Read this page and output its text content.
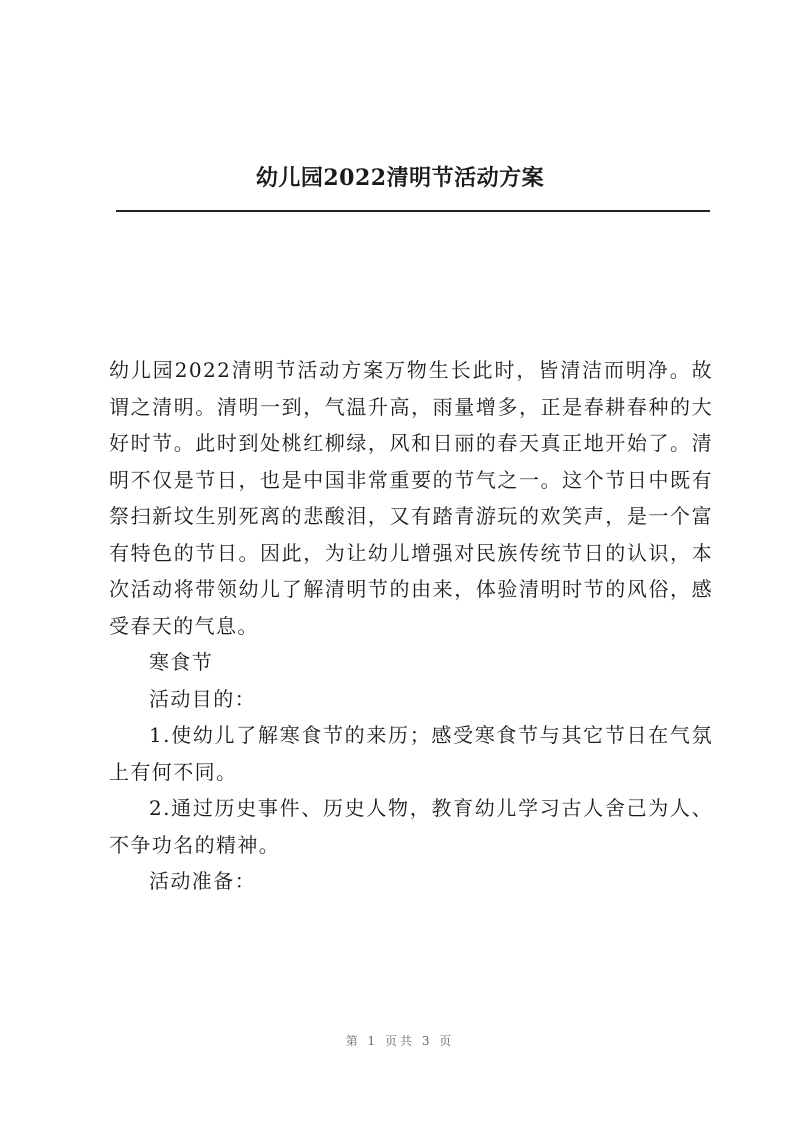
幼儿园2022清明节活动方案

幼儿园2022清明节活动方案万物生长此时，皆清洁而明净。故谓之清明。清明一到，气温升高，雨量增多，正是春耕春种的大好时节。此时到处桃红柳绿，风和日丽的春天真正地开始了。清明不仅是节日，也是中国非常重要的节气之一。这个节日中既有祭扫新坟生别死离的悲酸泪，又有踏青游玩的欢笑声，是一个富有特色的节日。因此，为让幼儿增强对民族传统节日的认识，本次活动将带领幼儿了解清明节的由来，体验清明时节的风俗，感受春天的气息。

寒食节

活动目的：

1.使幼儿了解寒食节的来历；感受寒食节与其它节日在气氛上有何不同。

2.通过历史事件、历史人物，教育幼儿学习古人舍己为人、不争功名的精神。

活动准备：

第 1 页共 3 页
